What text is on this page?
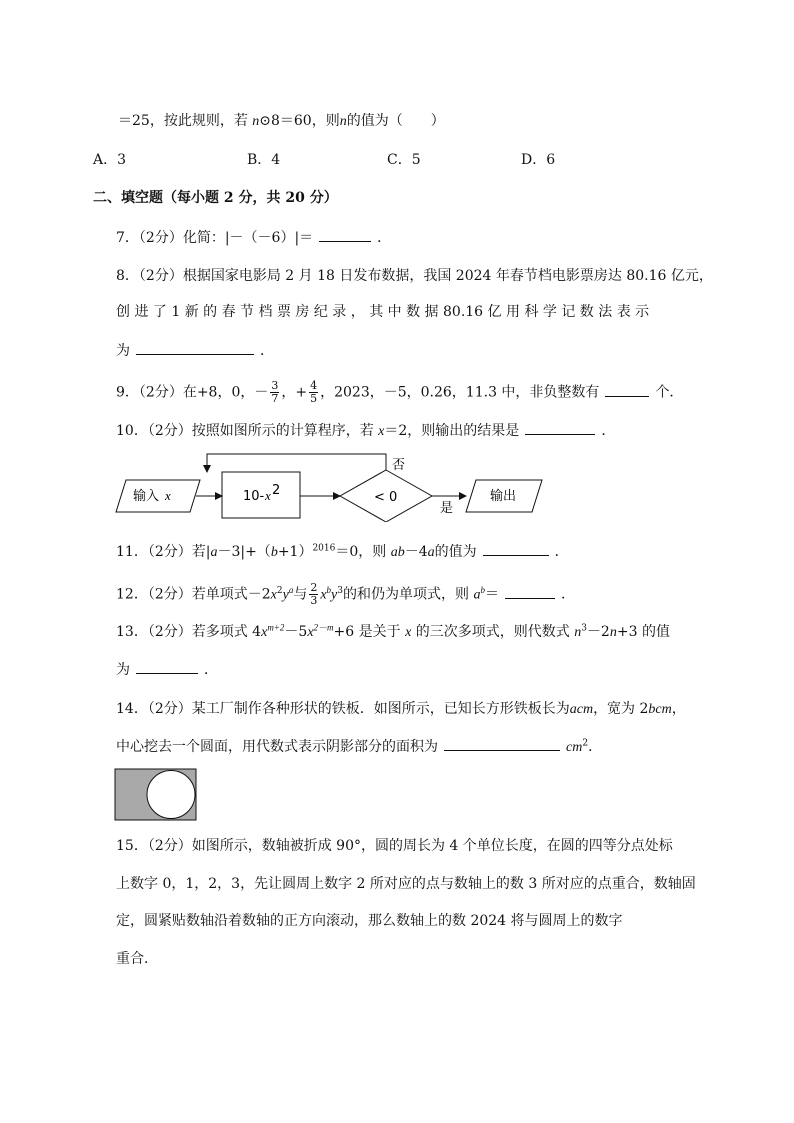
＝25，按此规则，若 n⊙8＝60，则n的值为（　　）
A．3	B．4	C．5	D．6
二、填空题（每小题 2 分，共 20 分）
7．（2分）化简：|－（－6）|＝	．
8．（2分）根据国家电影局 2 月 18 日发布数据，我国 2024 年春节档电影票房达 80.16 亿元，
创 进 了 1 新 的 春 节 档 票 房 纪 录 ， 其 中 数 据 80.16 亿 用 科 学 记 数 法 表 示
为	．
9．（2分）在+8，0，－ $\frac{3}{7}$ ，+ $\frac{4}{5}$ ，2023，－5，0.26，11.3 中，非负整数有	个．
10．（2分）按照如图所示的计算程序，若 x＝2，则输出的结果是	．
输入 x	10- x 2	< 0
否
是
输出
11．（2分）若$|a-3|+(b+1)^{2016}=0$，则 ab－4a的值为	．
12．（2分）若单项式$-2x^2y^a$与 $\frac{2}{3} x^by^3$的和仍为单项式，则 $a^b=$	．
13．（2分）若多项式 $4x^{m+2}-5x^{2-m}+6$ 是关于 x 的三次多项式，则代数式 $n^3-2n+3$ 的值
为	．
14．（2分）某工厂制作各种形状的铁板．如图所示，已知长方形铁板长为acm，宽为 2bcm，
中心挖去一个圆面，用代数式表示阴影部分的面积为	$cm^2$．
15．（2分）如图所示，数轴被折成 90°，圆的周长为 4 个单位长度，在圆的四等分点处标
上数字 0，1，2，3，先让圆周上数字 2 所对应的点与数轴上的数 3 所对应的点重合，数轴固
定，圆紧贴数轴沿着数轴的正方向滚动，那么数轴上的数 2024 将与圆周上的数字
重合．
